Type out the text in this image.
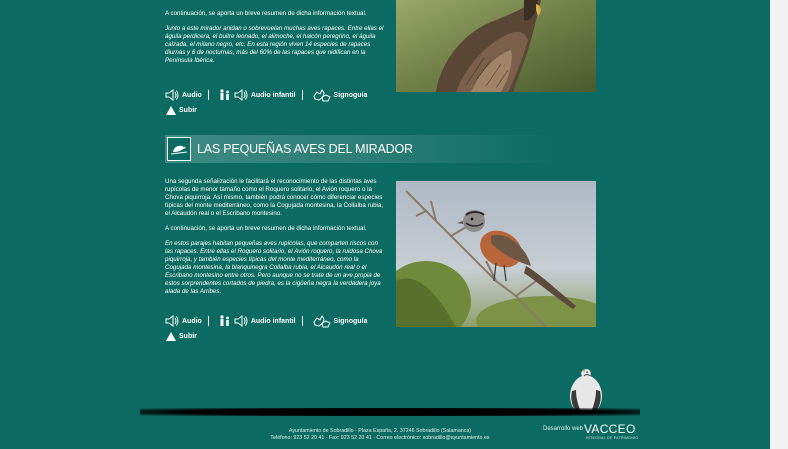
A continuación, se aporta un breve resumen de dicha información textual.

Junto a este mirador anidan o sobrevuelan muchas aves rapaces. Entre ellas el águila perdicera, el buitre leonado, el alimoche, el halcón peregrino, el águila calzada, el milano negro, etc. En esta región viven 14 especies de rapaces diurnas y 6 de nocturnas, más del 60% de las rapaces que nidifican en la Península Ibérica.

Audio	Audio infantil	Signoguía
Subir
LAS PEQUEÑAS AVES DEL MIRADOR

Una segunda señalización le facilitará el reconocimiento de las distintas aves rupícolas de menor tamaño como el Roquero solitario, el Avión roquero o la Chova piquirroja. Así mismo, también podrá conocer cómo diferenciar especies típicas del monte mediterráneo, como la Cogujada montesina, la Collalba rubia, el Alcaudón real o el Escribano montesino.

A continuación, se aporta un breve resumen de dicha información textual.

En estos parajes habitan pequeñas aves rupícolas, que comparten riscos con las rapaces. Entre ellas el Roquero solitario, el Avión roquero, la ruidosa Chova piquirroja, y también especies típicas del monte mediterráneo, como la Cogujada montesina, la blanquinegra Collalba rubia, el Alcaudón real o el Escribano montesino entre otros. Pero aunque no se trate de un ave propia de estos sorprendentes cortados de piedra, es la cigüeña negra la verdadera joya alada de las Arribes.

Audio	Audio infantil	Signoguía
Subir
Ayuntamiento de Sobradillo · Plaza España, 2. 37246 Sobradillo (Salamanca)
Teléfono: 923 52 20 41 · Fax: 923 52 20 41 · Correo electrónico: sobradillo@ayuntamiento.es
Desarrollo web VACCEO
INTEGRAL DE PATRIMONIO
